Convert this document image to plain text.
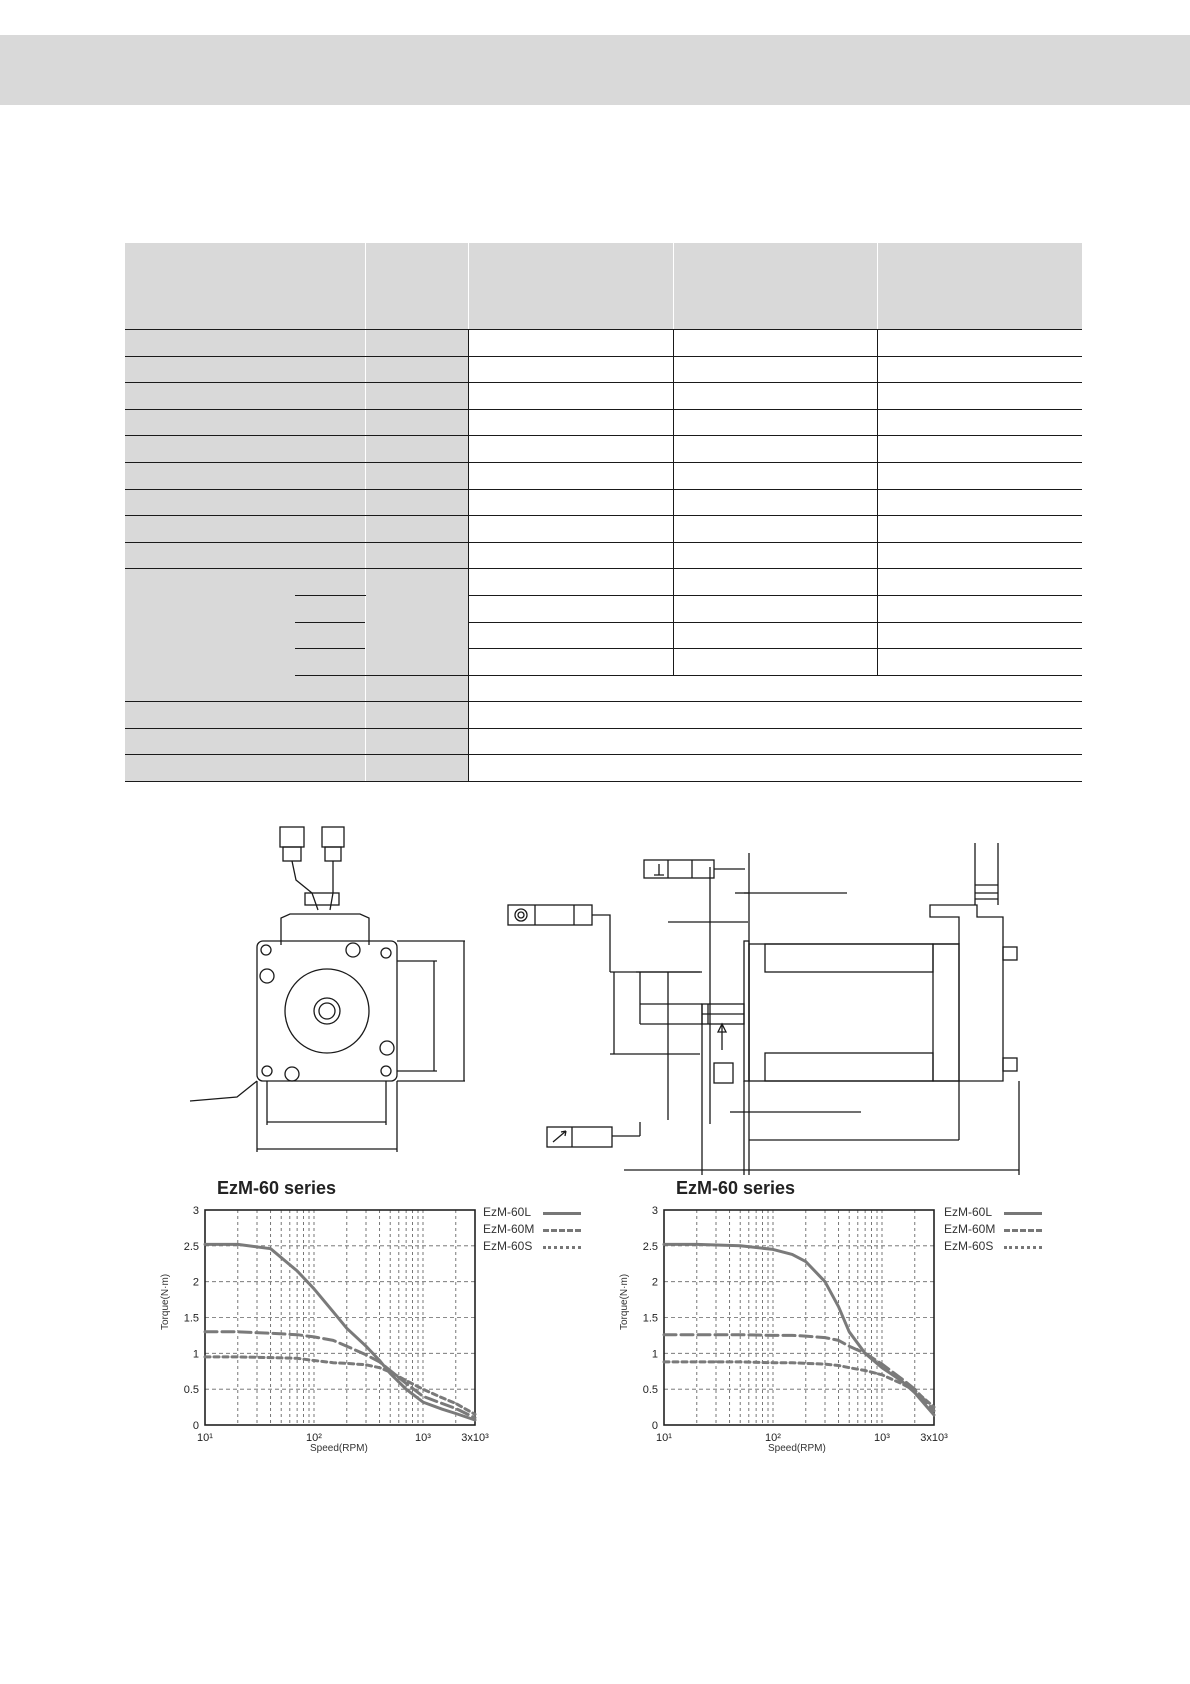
EzM-60 series
0
0.5
1
1.5
2
2.5
3
10¹	10²	10³	3x10³
EzM-60L
EzM-60M
EzM-60S
Speed(RPM)
Torque(N·m)
EzM-60 series
0
0.5
1
1.5
2
2.5
3
10¹	10²	10³	3x10³
EzM-60L
EzM-60M
EzM-60S
Speed(RPM)
Torque(N·m)
